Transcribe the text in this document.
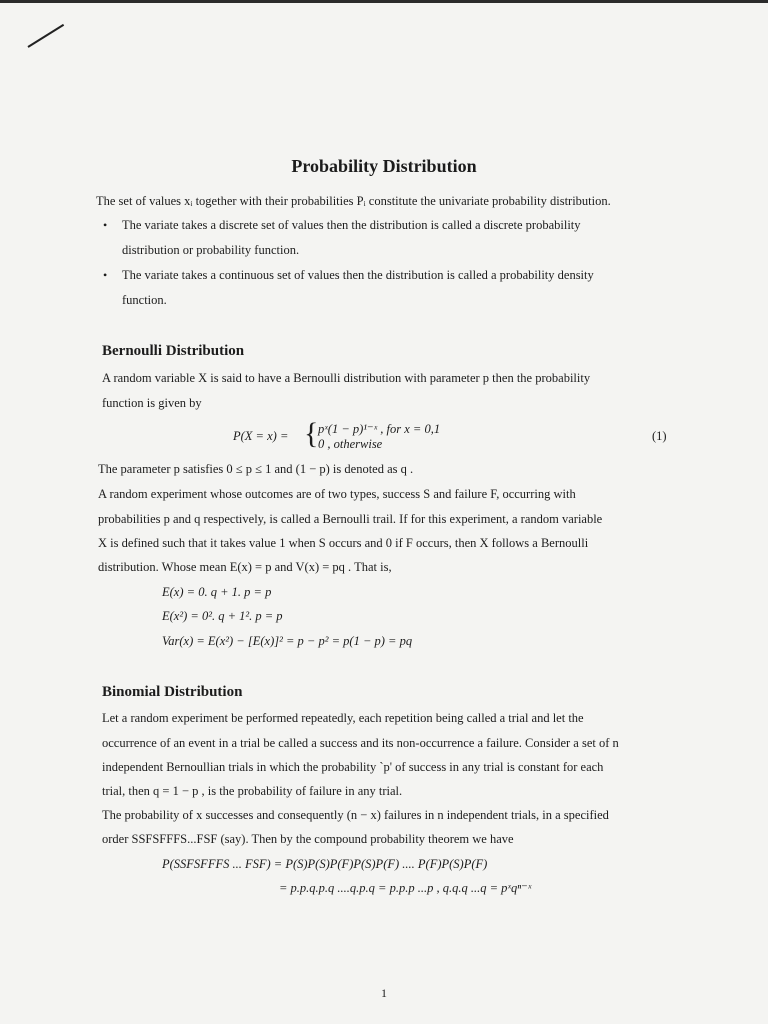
Probability Distribution
The set of values xᵢ together with their probabilities Pᵢ constitute the univariate probability distribution.
• The variate takes a discrete set of values then the distribution is called a discrete probability
distribution or probability function.
• The variate takes a continuous set of values then the distribution is called a probability density
function.
Bernoulli Distribution
A random variable X is said to have a Bernoulli distribution with parameter p then the probability
function is given by
P(X = x) = { pˣ(1 − p)¹⁻ˣ , for x = 0,1
0 , otherwise
(1)
The parameter p satisfies 0 ≤ p ≤ 1 and (1 − p) is denoted as q .
A random experiment whose outcomes are of two types, success S and failure F, occurring with
probabilities p and q respectively, is called a Bernoulli trail. If for this experiment, a random variable
X is defined such that it takes value 1 when S occurs and 0 if F occurs, then X follows a Bernoulli
distribution. Whose mean E(x) = p and V(x) = pq . That is,
E(x) = 0. q + 1. p = p
E(x²) = 0². q + 1². p = p
Var(x) = E(x²) − [E(x)]² = p − p² = p(1 − p) = pq
Binomial Distribution
Let a random experiment be performed repeatedly, each repetition being called a trial and let the
occurrence of an event in a trial be called a success and its non-occurrence a failure. Consider a set of n
independent Bernoullian trials in which the probability `p' of success in any trial is constant for each
trial, then q = 1 − p , is the probability of failure in any trial.
The probability of x successes and consequently (n − x) failures in n independent trials, in a specified
order SSFSFFFS...FSF (say). Then by the compound probability theorem we have
P(SSFSFFFS ... FSF) = P(S)P(S)P(F)P(S)P(F) .... P(F)P(S)P(F)
= p.p.q.p.q ....q.p.q = p.p.p ...p , q.q.q ...q = pˣqⁿ⁻ˣ
1
